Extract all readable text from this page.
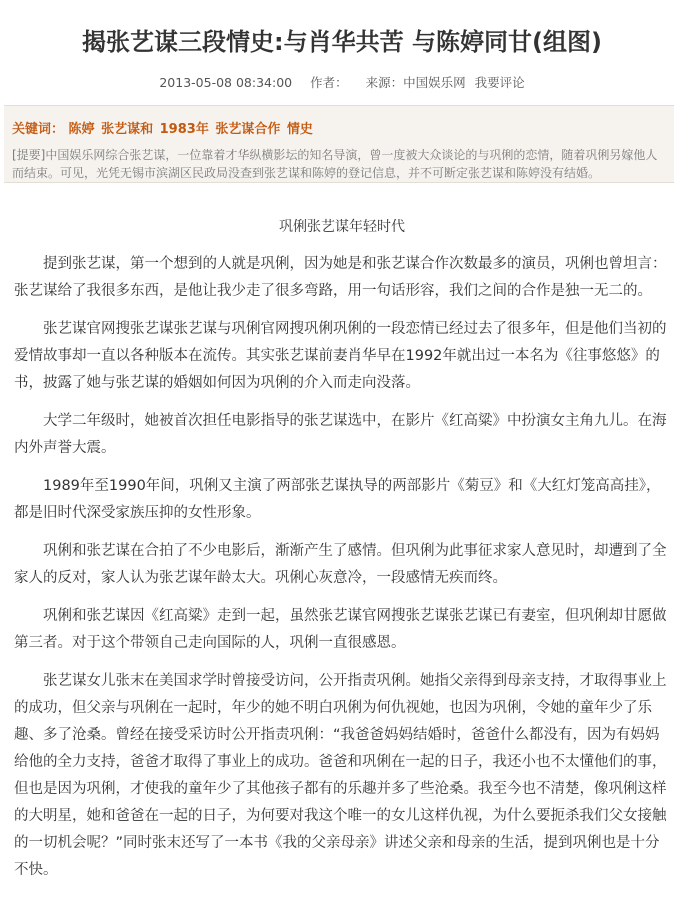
揭张艺谋三段情史:与肖华共苦 与陈婷同甘(组图)
2013-05-08 08:34:00 作者： 来源：中国娱乐网 我要评论
关键词： 陈婷 张艺谋和 1983年 张艺谋合作 情史
[提要]中国娱乐网综合张艺谋，一位靠着才华纵横影坛的知名导演，曾一度被大众谈论的与巩俐的恋情，随着巩俐另嫁他人而结束。可见，光凭无锡市滨湖区民政局没查到张艺谋和陈婷的登记信息，并不可断定张艺谋和陈婷没有结婚。
巩俐张艺谋年轻时代

提到张艺谋，第一个想到的人就是巩俐，因为她是和张艺谋合作次数最多的演员，巩俐也曾坦言：张艺谋给了我很多东西，是他让我少走了很多弯路，用一句话形容，我们之间的合作是独一无二的。

张艺谋官网搜张艺谋张艺谋与巩俐官网搜巩俐巩俐的一段恋情已经过去了很多年，但是他们当初的爱情故事却一直以各种版本在流传。其实张艺谋前妻肖华早在1992年就出过一本名为《往事悠悠》的书，披露了她与张艺谋的婚姻如何因为巩俐的介入而走向没落。

大学二年级时，她被首次担任电影指导的张艺谋选中，在影片《红高粱》中扮演女主角九儿。在海内外声誉大震。

1989年至1990年间，巩俐又主演了两部张艺谋执导的两部影片《菊豆》和《大红灯笼高高挂》，都是旧时代深受家族压抑的女性形象。

巩俐和张艺谋在合拍了不少电影后，渐渐产生了感情。但巩俐为此事征求家人意见时，却遭到了全家人的反对，家人认为张艺谋年龄太大。巩俐心灰意冷，一段感情无疾而终。

巩俐和张艺谋因《红高粱》走到一起，虽然张艺谋官网搜张艺谋张艺谋已有妻室，但巩俐却甘愿做第三者。对于这个带领自己走向国际的人，巩俐一直很感恩。

张艺谋女儿张末在美国求学时曾接受访问，公开指责巩俐。她指父亲得到母亲支持，才取得事业上的成功，但父亲与巩俐在一起时，年少的她不明白巩俐为何仇视她，也因为巩俐，令她的童年少了乐趣、多了沧桑。曾经在接受采访时公开指责巩俐：“我爸爸妈妈结婚时，爸爸什么都没有，因为有妈妈给他的全力支持，爸爸才取得了事业上的成功。爸爸和巩俐在一起的日子，我还小也不太懂他们的事，但也是因为巩俐，才使我的童年少了其他孩子都有的乐趣并多了些沧桑。我至今也不清楚，像巩俐这样的大明星，她和爸爸在一起的日子，为何要对我这个唯一的女儿这样仇视，为什么要扼杀我们父女接触的一切机会呢？”同时张末还写了一本书《我的父亲母亲》讲述父亲和母亲的生活，提到巩俐也是十分不快。
